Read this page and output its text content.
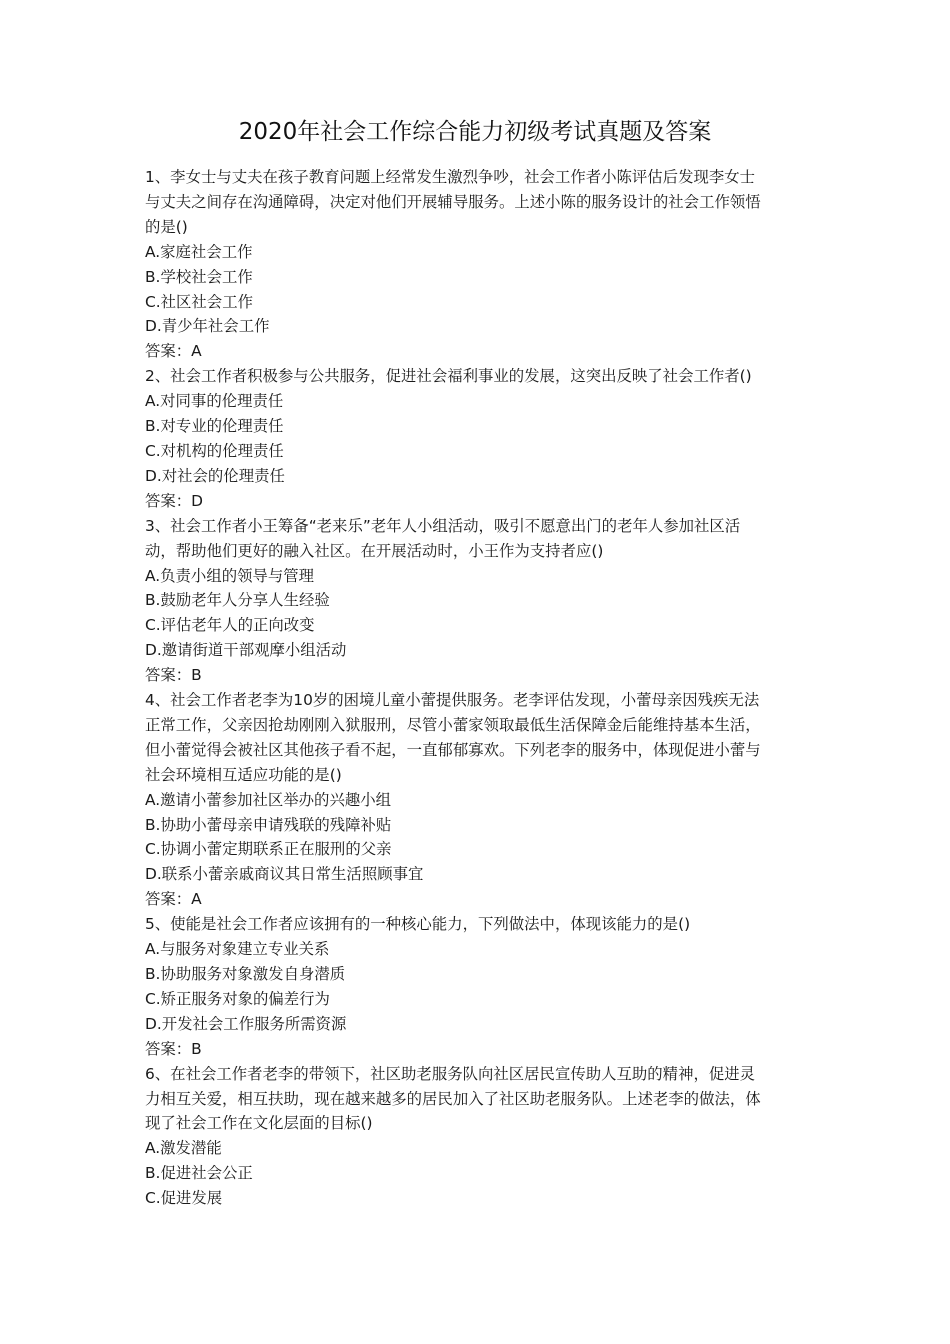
2020年社会工作综合能力初级考试真题及答案
1、李女士与丈夫在孩子教育问题上经常发生激烈争吵，社会工作者小陈评估后发现李女士
与丈夫之间存在沟通障碍，决定对他们开展辅导服务。上述小陈的服务设计的社会工作领悟
的是()
A.家庭社会工作
B.学校社会工作
C.社区社会工作
D.青少年社会工作
答案：A
2、社会工作者积极参与公共服务，促进社会福利事业的发展，这突出反映了社会工作者()
A.对同事的伦理责任
B.对专业的伦理责任
C.对机构的伦理责任
D.对社会的伦理责任
答案：D
3、社会工作者小王筹备“老来乐”老年人小组活动，吸引不愿意出门的老年人参加社区活
动，帮助他们更好的融入社区。在开展活动时，小王作为支持者应()
A.负责小组的领导与管理
B.鼓励老年人分享人生经验
C.评估老年人的正向改变
D.邀请街道干部观摩小组活动
答案：B
4、社会工作者老李为10岁的困境儿童小蕾提供服务。老李评估发现，小蕾母亲因残疾无法
正常工作，父亲因抢劫刚刚入狱服刑，尽管小蕾家领取最低生活保障金后能维持基本生活，
但小蕾觉得会被社区其他孩子看不起，一直郁郁寡欢。下列老李的服务中，体现促进小蕾与
社会环境相互适应功能的是()
A.邀请小蕾参加社区举办的兴趣小组
B.协助小蕾母亲申请残联的残障补贴
C.协调小蕾定期联系正在服刑的父亲
D.联系小蕾亲戚商议其日常生活照顾事宜
答案：A
5、使能是社会工作者应该拥有的一种核心能力，下列做法中，体现该能力的是()
A.与服务对象建立专业关系
B.协助服务对象激发自身潜质
C.矫正服务对象的偏差行为
D.开发社会工作服务所需资源
答案：B
6、在社会工作者老李的带领下，社区助老服务队向社区居民宣传助人互助的精神，促进灵
力相互关爱，相互扶助，现在越来越多的居民加入了社区助老服务队。上述老李的做法，体
现了社会工作在文化层面的目标()
A.激发潜能
B.促进社会公正
C.促进发展
